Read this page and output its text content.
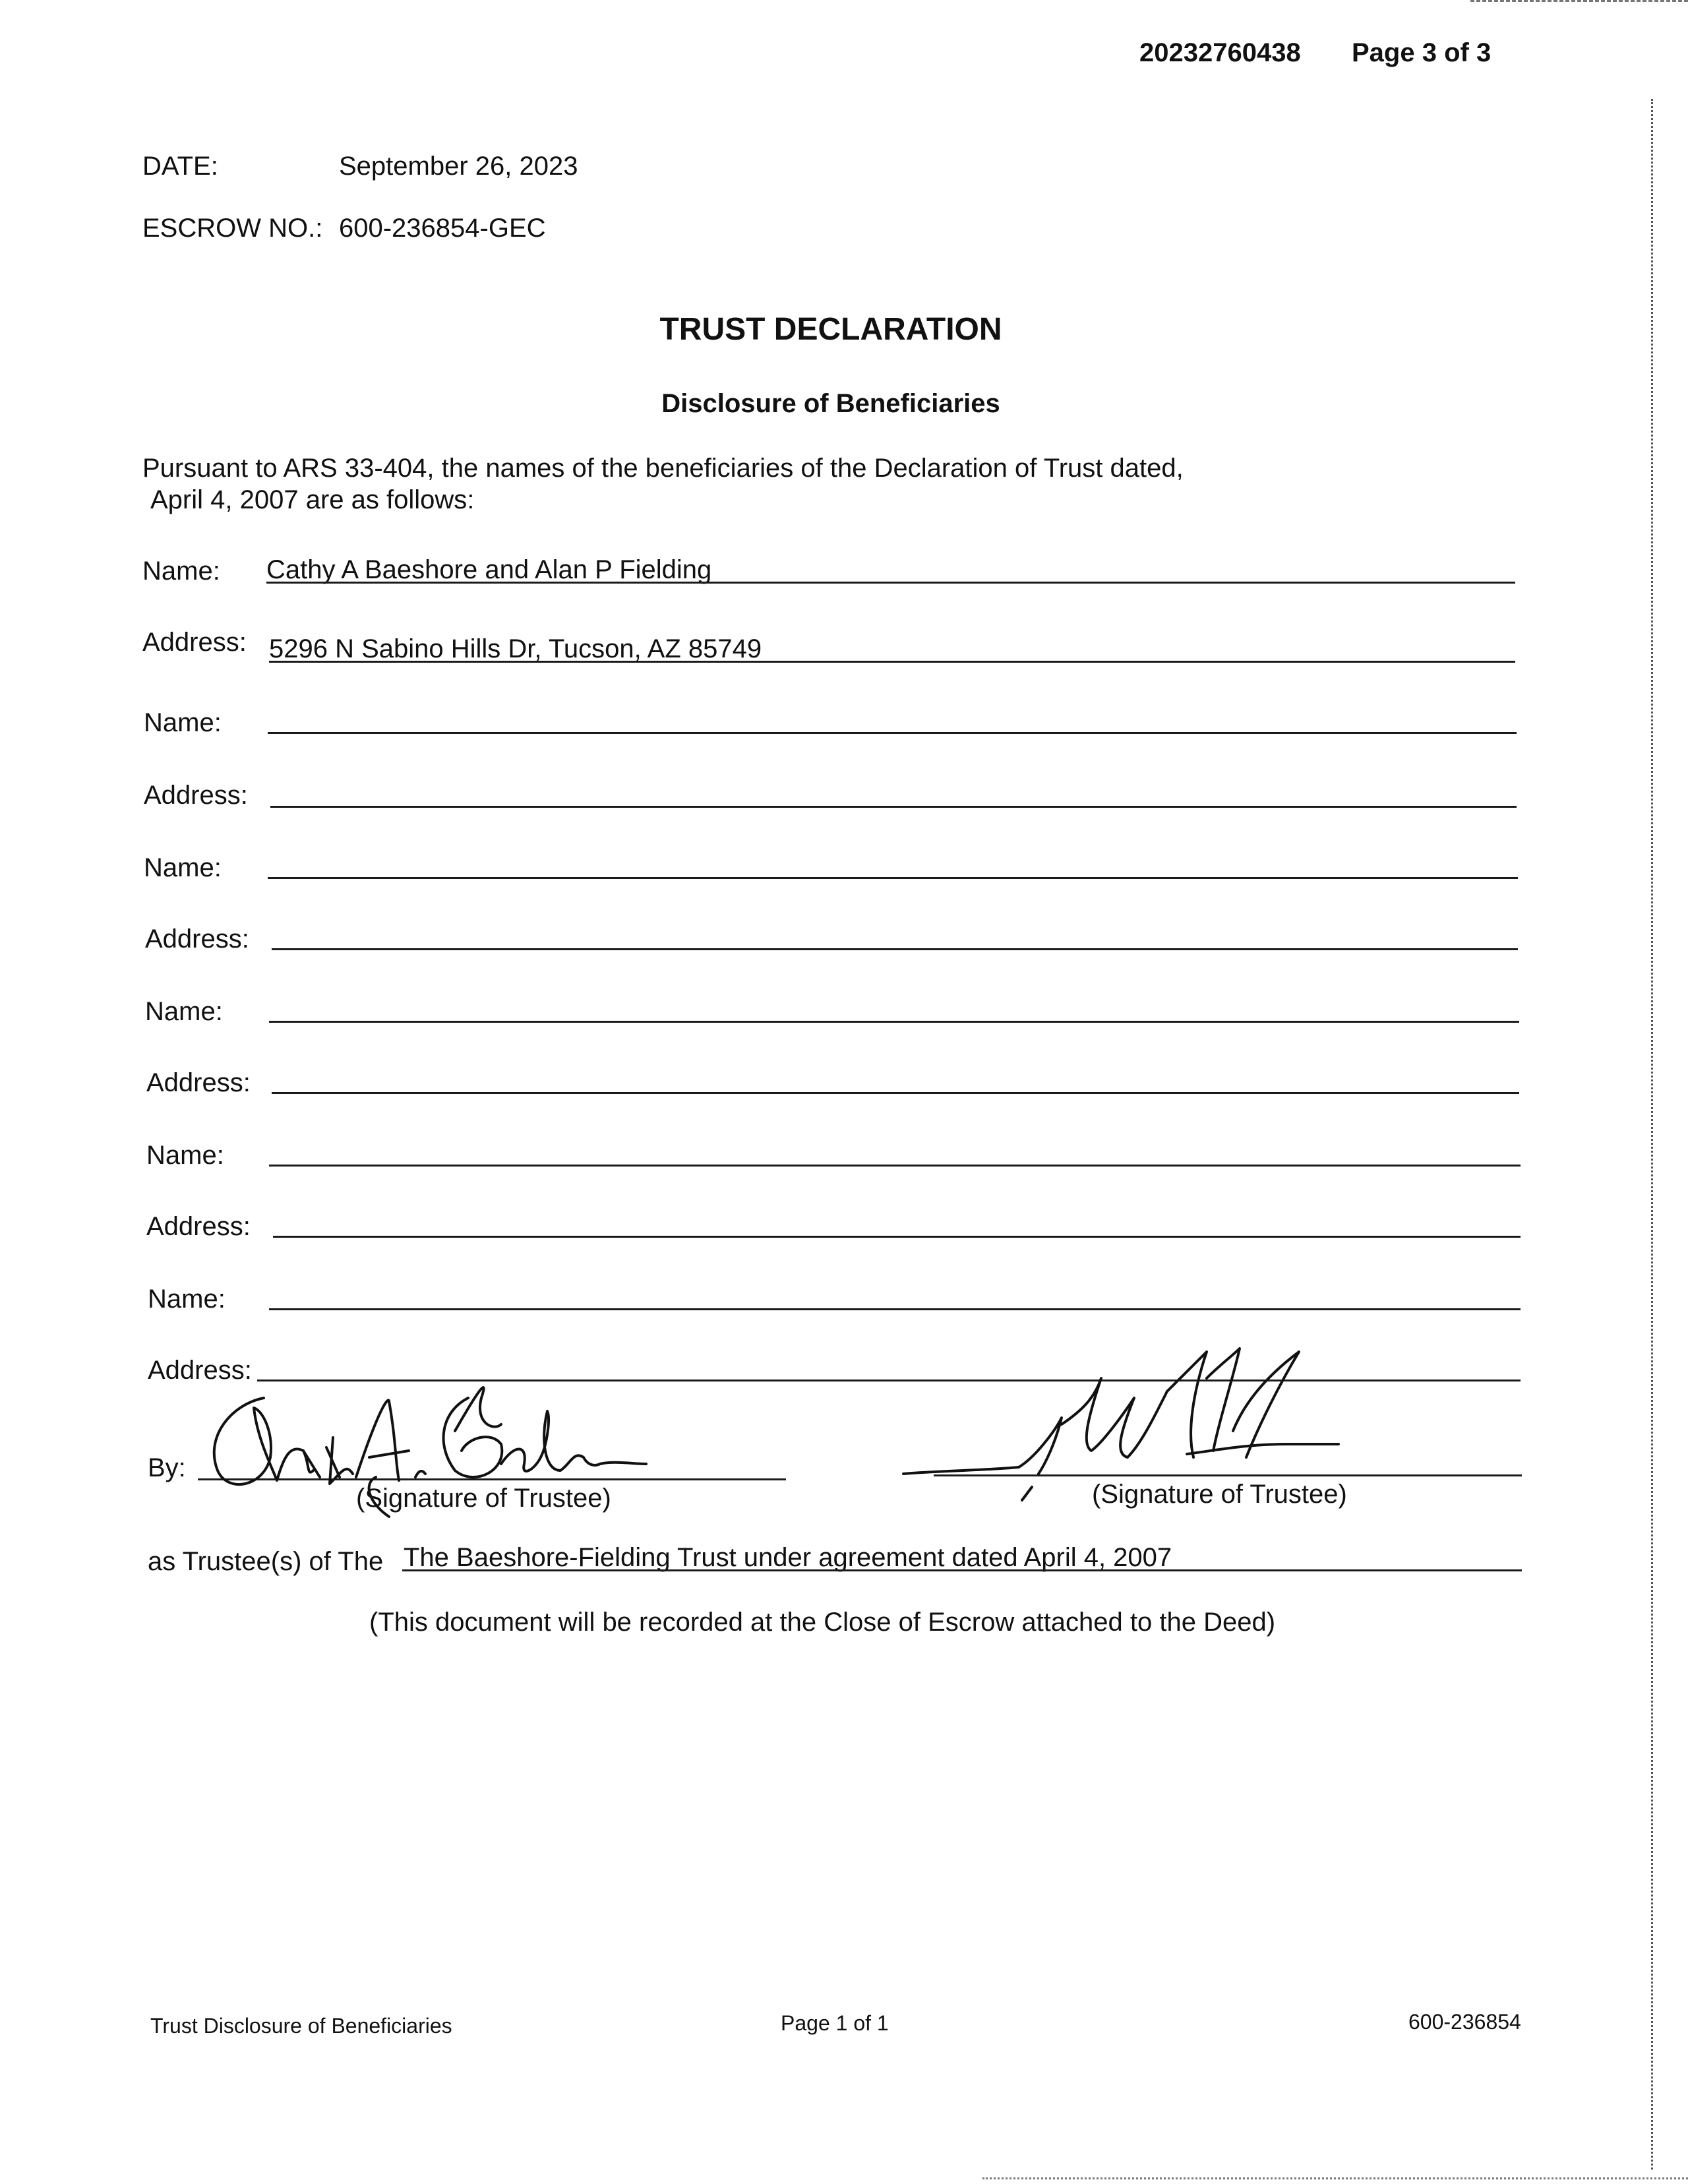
20232760438 Page 3 of 3
DATE:	September 26, 2023
ESCROW NO.: 600-236854-GEC
TRUST DECLARATION
Disclosure of Beneficiaries
Pursuant to ARS 33-404, the names of the beneficiaries of the Declaration of Trust dated,
April 4, 2007 are as follows:
Name: Cathy A Baeshore and Alan P Fielding
Address: 5296 N Sabino Hills Dr, Tucson, AZ 85749
Name:
Address:
Name:
Address:
Name:
Address:
Name:
Address:
Name:
Address:
By:
(Signature of Trustee)	(Signature of Trustee)
as Trustee(s) of The The Baeshore-Fielding Trust under agreement dated April 4, 2007
(This document will be recorded at the Close of Escrow attached to the Deed)
Trust Disclosure of Beneficiaries	Page 1 of 1	600-236854
